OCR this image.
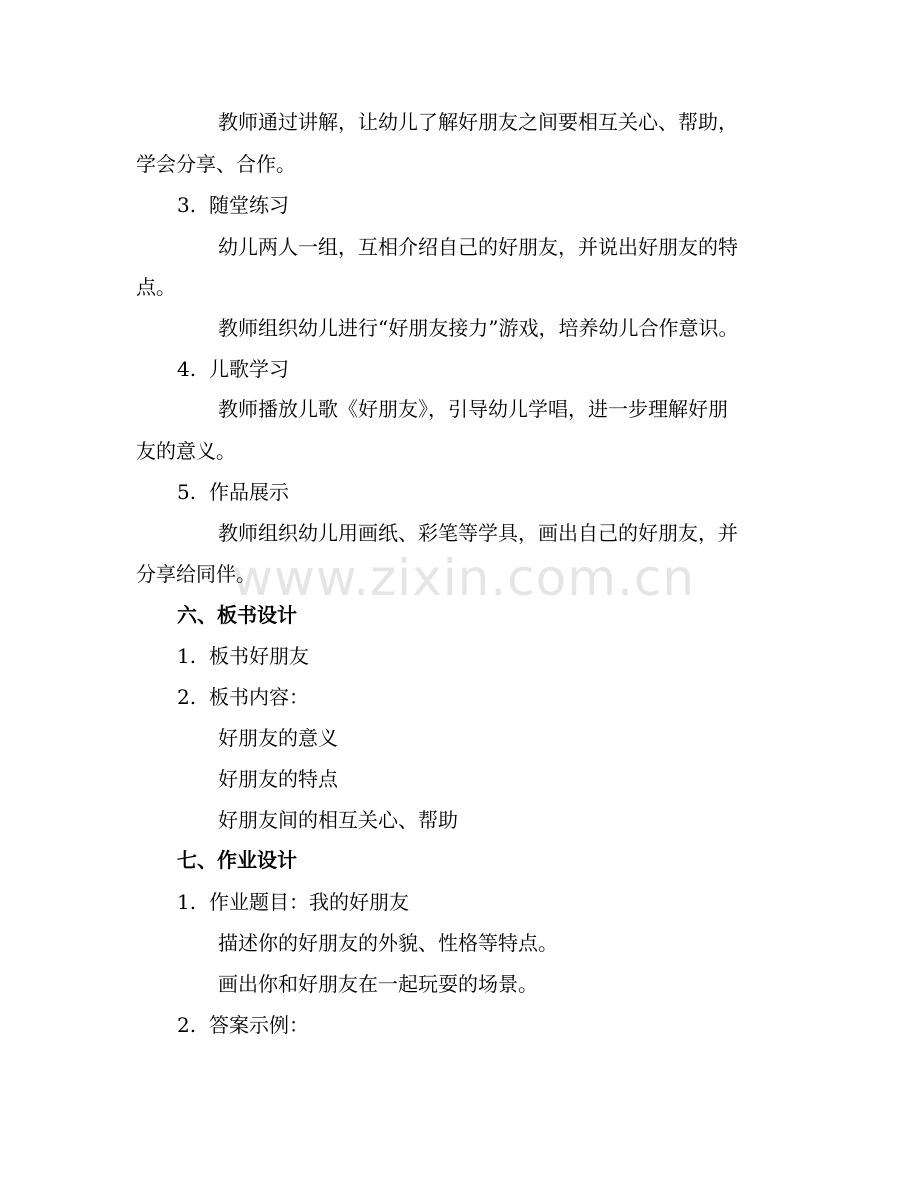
教师通过讲解，让幼儿了解好朋友之间要相互关心、帮助，
学会分享、合作。
3. 随堂练习
幼儿两人一组，互相介绍自己的好朋友，并说出好朋友的特
点。
教师组织幼儿进行“好朋友接力”游戏，培养幼儿合作意识。
4. 儿歌学习
教师播放儿歌《好朋友》，引导幼儿学唱，进一步理解好朋
友的意义。
5. 作品展示
教师组织幼儿用画纸、彩笔等学具，画出自己的好朋友，并
分享给同伴。
六、板书设计
1. 板书好朋友
2. 板书内容：
好朋友的意义
好朋友的特点
好朋友间的相互关心、帮助
七、作业设计
1. 作业题目：我的好朋友
描述你的好朋友的外貌、性格等特点。
画出你和好朋友在一起玩耍的场景。
2. 答案示例：
www.zixin.com.cn
